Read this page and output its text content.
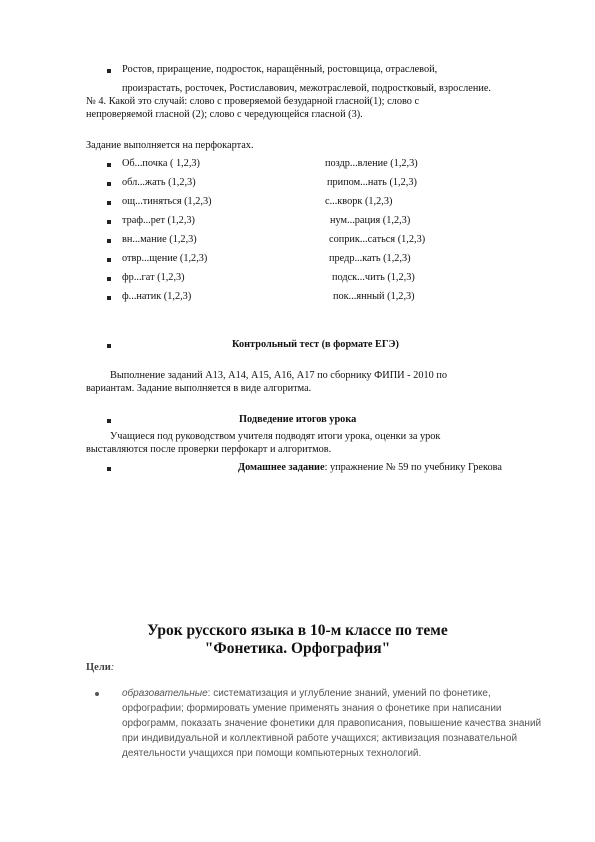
Ростов, приращение, подросток, наращённый, ростовщица, отраслевой,
произрастать, росточек, Ростиславович, межотраслевой, подростковый, взросление.
№ 4. Какой это случай: слово с проверяемой безударной гласной(1); слово с
непроверяемой гласной (2); слово с чередующейся гласной (3).
Задание выполняется на перфокартах.
Об...почка ( 1,2,3)	поздр...вление (1,2,3)
обл...жать (1,2,3)	припом...нать (1,2,3)
ощ...тиняться (1,2,3)	с...кворк (1,2,3)
траф...рет (1,2,3)	нум...рация (1,2,3)
вн...мание (1,2,3)	соприк...саться (1,2,3)
отвр...щение (1,2,3)	предр...кать (1,2,3)
фр...гат (1,2,3)	подск...чить (1,2,3)
ф...натик (1,2,3)	пок...янный (1,2,3)
Контрольный тест (в формате ЕГЭ)
Выполнение заданий А13, А14, А15, А16, А17 по сборнику ФИПИ - 2010 по
вариантам. Задание выполняется в виде алгоритма.
Подведение итогов урока
Учащиеся под руководством учителя подводят итоги урока, оценки за урок
выставляются после проверки перфокарт и алгоритмов.
Домашнее задание: упражнение № 59 по учебнику Грекова
Урок русского языка в 10-м классе по теме
"Фонетика. Орфография"
Цели:
образовательные: систематизация и углубление знаний, умений по фонетике,
орфографии; формировать умение применять знания о фонетике при написании
орфограмм, показать значение фонетики для правописания, повышение качества знаний
при индивидуальной и коллективной работе учащихся; активизация познавательной
деятельности учащихся при помощи компьютерных технологий.
